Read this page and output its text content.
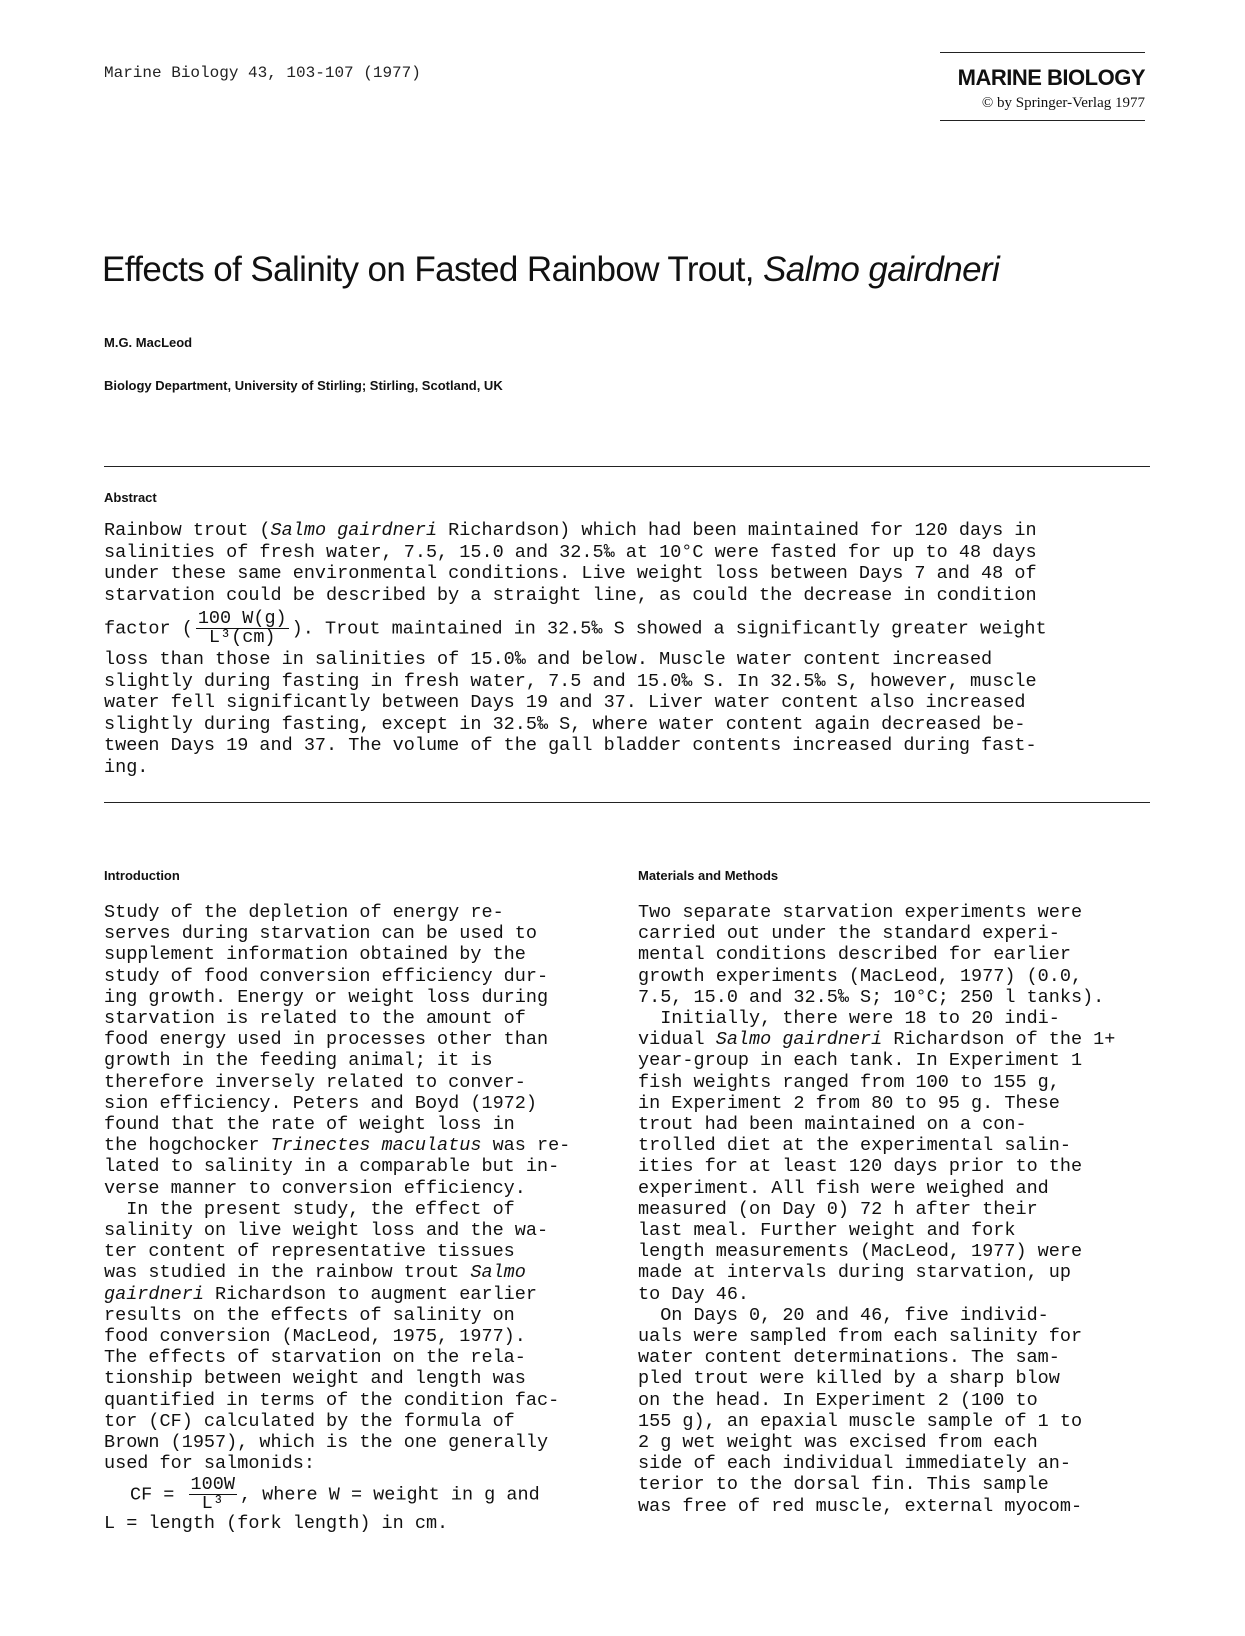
Marine Biology 43, 103-107 (1977)	MARINE BIOLOGY
© by Springer-Verlag 1977
Effects of Salinity on Fasted Rainbow Trout, Salmo gairdneri
M.G. MacLeod
Biology Department, University of Stirling; Stirling, Scotland, UK
Abstract
Rainbow trout (Salmo gairdneri Richardson) which had been maintained for 120 days in
salinities of fresh water, 7.5, 15.0 and 32.5‰ at 10°C were fasted for up to 48 days
under these same environmental conditions. Live weight loss between Days 7 and 48 of
starvation could be described by a straight line, as could the decrease in condition
factor ( $\frac{100 W(g)}{\text{L³(cm)}}$ ). Trout maintained in 32.5‰ S showed a significantly greater weight
loss than those in salinities of 15.0‰ and below. Muscle water content increased
slightly during fasting in fresh water, 7.5 and 15.0‰ S. In 32.5‰ S, however, muscle
water fell significantly between Days 19 and 37. Liver water content also increased
slightly during fasting, except in 32.5‰ S, where water content again decreased be-
tween Days 19 and 37. The volume of the gall bladder contents increased during fast-
ing.
Introduction	Materials and Methods
Study of the depletion of energy re-
serves during starvation can be used to
supplement information obtained by the
study of food conversion efficiency dur-
ing growth. Energy or weight loss during
starvation is related to the amount of
food energy used in processes other than
growth in the feeding animal; it is
therefore inversely related to conver-
sion efficiency. Peters and Boyd (1972)
found that the rate of weight loss in
the hogchocker Trinectes maculatus was re-
lated to salinity in a comparable but in-
verse manner to conversion efficiency.
In the present study, the effect of
salinity on live weight loss and the wa-
ter content of representative tissues
was studied in the rainbow trout Salmo
gairdneri Richardson to augment earlier
results on the effects of salinity on
food conversion (MacLeod, 1975, 1977).
The effects of starvation on the rela-
tionship between weight and length was
quantified in terms of the condition fac-
tor (CF) calculated by the formula of
Brown (1957), which is the one generally
used for salmonids:
CF = $\frac{100W}{\text{L³}}$ , where W = weight in g and
L = length (fork length) in cm.
Two separate starvation experiments were
carried out under the standard experi-
mental conditions described for earlier
growth experiments (MacLeod, 1977) (0.0,
7.5, 15.0 and 32.5‰ S; 10°C; 250 l tanks).
Initially, there were 18 to 20 indi-
vidual Salmo gairdneri Richardson of the 1+
year-group in each tank. In Experiment 1
fish weights ranged from 100 to 155 g,
in Experiment 2 from 80 to 95 g. These
trout had been maintained on a con-
trolled diet at the experimental salin-
ities for at least 120 days prior to the
experiment. All fish were weighed and
measured (on Day 0) 72 h after their
last meal. Further weight and fork
length measurements (MacLeod, 1977) were
made at intervals during starvation, up
to Day 46.
On Days 0, 20 and 46, five individ-
uals were sampled from each salinity for
water content determinations. The sam-
pled trout were killed by a sharp blow
on the head. In Experiment 2 (100 to
155 g), an epaxial muscle sample of 1 to
2 g wet weight was excised from each
side of each individual immediately an-
terior to the dorsal fin. This sample
was free of red muscle, external myocom-
